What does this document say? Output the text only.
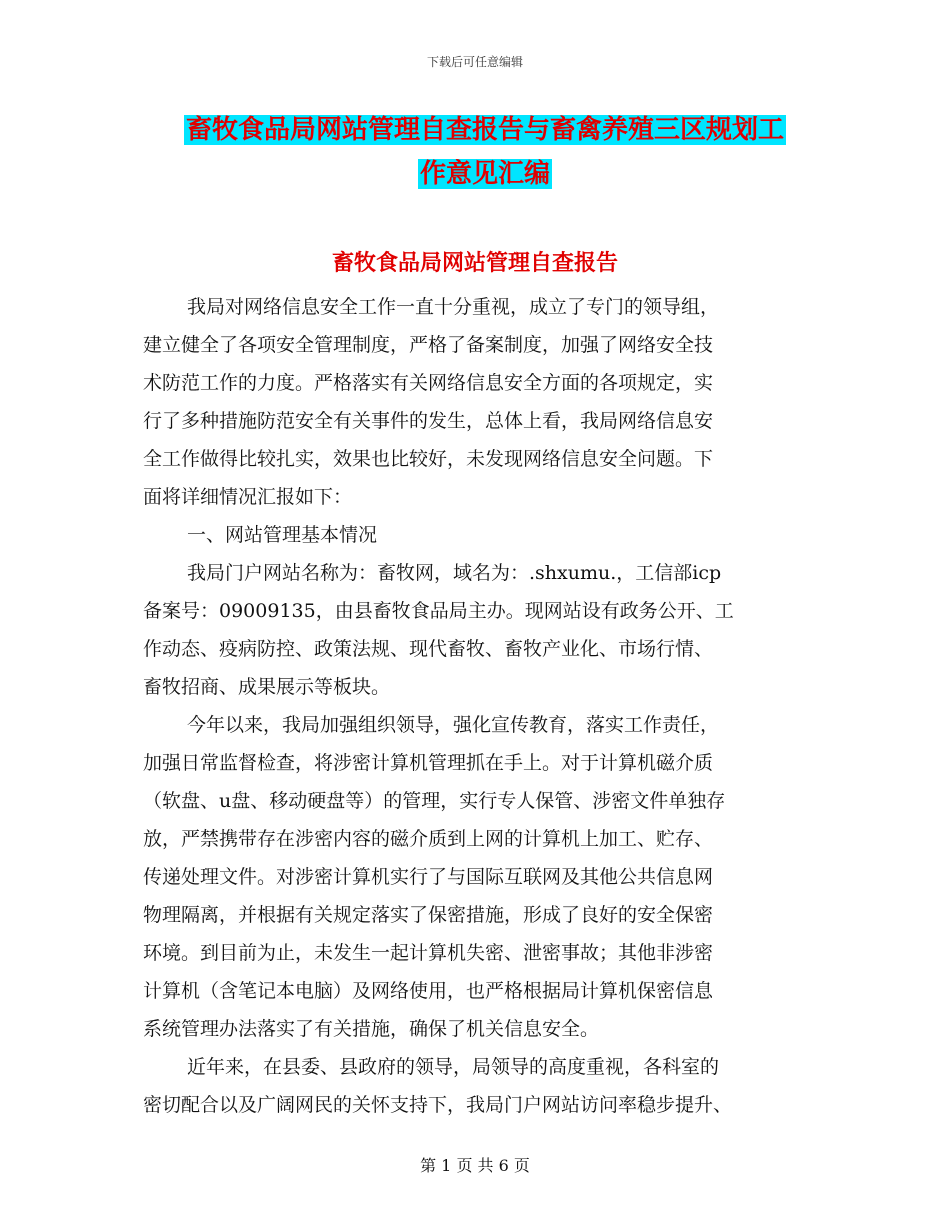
下载后可任意编辑
畜牧食品局网站管理自查报告与畜禽养殖三区规划工
作意见汇编
畜牧食品局网站管理自查报告
我局对网络信息安全工作一直十分重视，成立了专门的领导组，
建立健全了各项安全管理制度，严格了备案制度，加强了网络安全技
术防范工作的力度。严格落实有关网络信息安全方面的各项规定，实
行了多种措施防范安全有关事件的发生，总体上看，我局网络信息安
全工作做得比较扎实，效果也比较好，未发现网络信息安全问题。下
面将详细情况汇报如下：
一、网站管理基本情况
我局门户网站名称为：畜牧网，域名为：.shxumu.，工信部icp
备案号：09009135，由县畜牧食品局主办。现网站设有政务公开、工
作动态、疫病防控、政策法规、现代畜牧、畜牧产业化、市场行情、
畜牧招商、成果展示等板块。
今年以来，我局加强组织领导，强化宣传教育，落实工作责任，
加强日常监督检查，将涉密计算机管理抓在手上。对于计算机磁介质
（软盘、u盘、移动硬盘等）的管理，实行专人保管、涉密文件单独存
放，严禁携带存在涉密内容的磁介质到上网的计算机上加工、贮存、
传递处理文件。对涉密计算机实行了与国际互联网及其他公共信息网
物理隔离，并根据有关规定落实了保密措施，形成了良好的安全保密
环境。到目前为止，未发生一起计算机失密、泄密事故；其他非涉密
计算机（含笔记本电脑）及网络使用，也严格根据局计算机保密信息
系统管理办法落实了有关措施，确保了机关信息安全。
近年来，在县委、县政府的领导，局领导的高度重视，各科室的
密切配合以及广阔网民的关怀支持下，我局门户网站访问率稳步提升、
第 1 页 共 6 页
